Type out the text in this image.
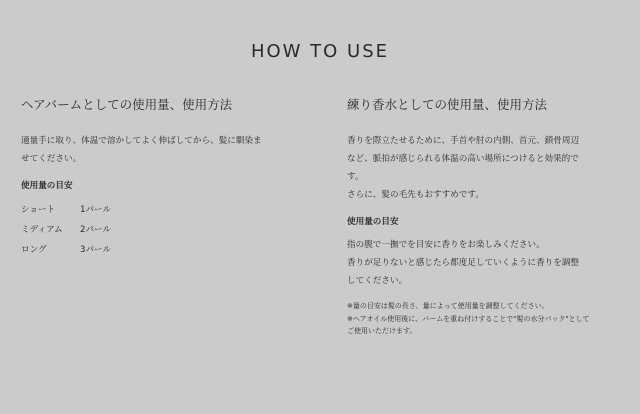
HOW TO USE
ヘアバームとしての使用量、使用方法

適量手に取り、体温で溶かしてよく伸ばしてから、髪に馴染ま

せてください。

使用量の目安

ショート	1パール
ミディアム	2パール
ロング	3パール
練り香水としての使用量、使用方法

香りを際立たせるために、手首や肘の内側、首元、鎖骨周辺

など、脈拍が感じられる体温の高い場所につけると効果的で

す。

さらに、髪の毛先もおすすめです。

使用量の目安

指の腹で一撫でを目安に香りをお楽しみください。

香りが足りないと感じたら都度足していくように香りを調整

してください。

※量の目安は髪の長さ、量によって使用量を調整してください。

※ヘアオイル使用後に、バームを重ね付けすることで"髪の水分パック"として

ご使用いただけます。
